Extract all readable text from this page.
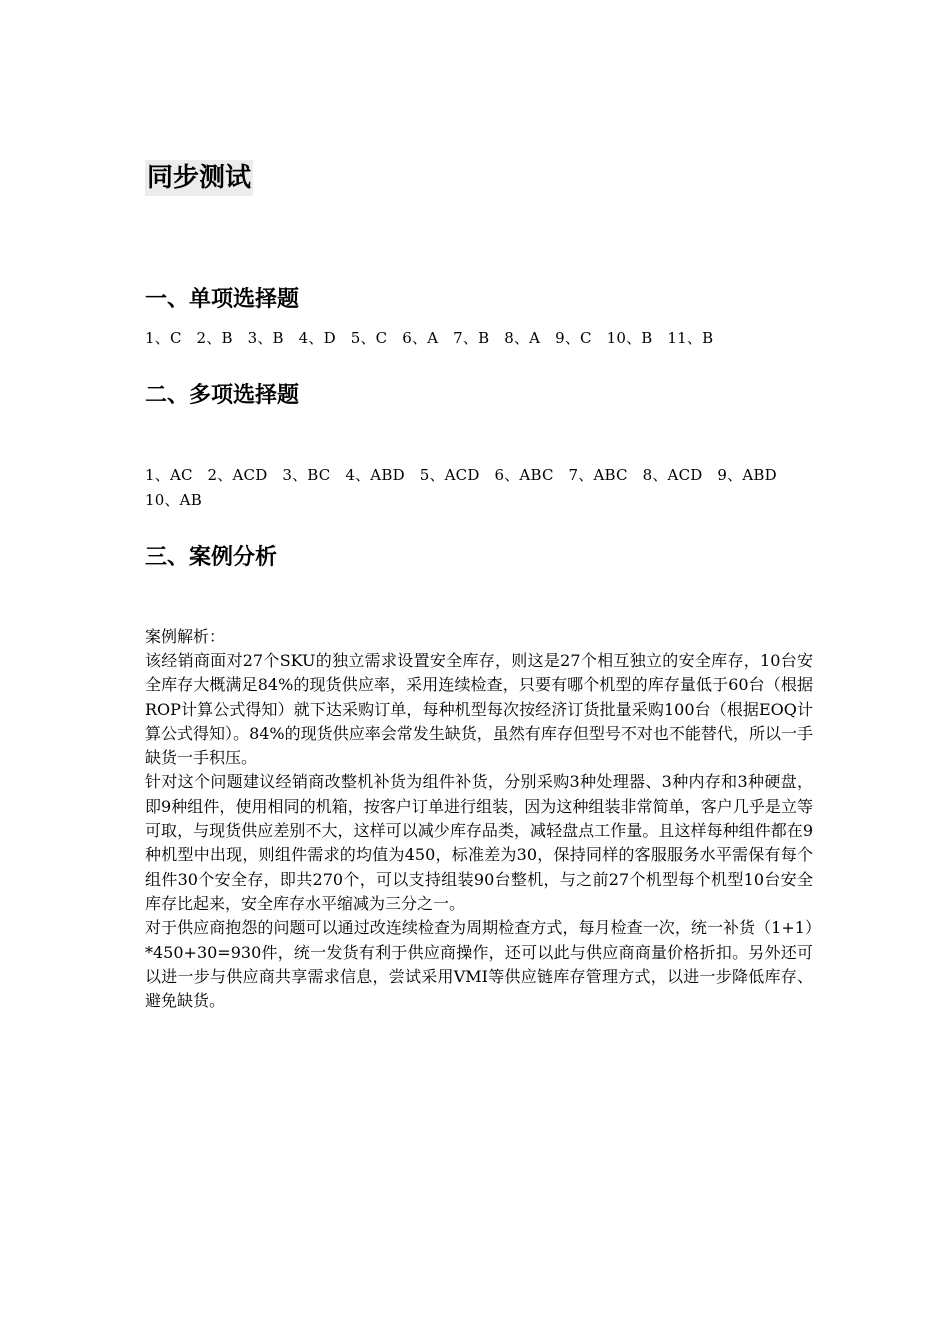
同步测试
一、单项选择题
1、C   2、B   3、B   4、D   5、C   6、A   7、B   8、A   9、C   10、B   11、B
二、多项选择题
1、AC   2、ACD   3、BC   4、ABD   5、ACD   6、ABC   7、ABC   8、ACD   9、ABD
10、AB
三、案例分析
案例解析：

该经销商面对27个SKU的独立需求设置安全库存，则这是27个相互独立的安全库存，10台安全库存大概满足84%的现货供应率，采用连续检查，只要有哪个机型的库存量低于60台（根据ROP计算公式得知）就下达采购订单，每种机型每次按经济订货批量采购100台（根据EOQ计算公式得知）。84%的现货供应率会常发生缺货，虽然有库存但型号不对也不能替代，所以一手缺货一手积压。

针对这个问题建议经销商改整机补货为组件补货，分别采购3种处理器、3种内存和3种硬盘，即9种组件，使用相同的机箱，按客户订单进行组装，因为这种组装非常简单，客户几乎是立等可取，与现货供应差别不大，这样可以减少库存品类，减轻盘点工作量。且这样每种组件都在9种机型中出现，则组件需求的均值为450，标准差为30，保持同样的客服服务水平需保有每个组件30个安全存，即共270个，可以支持组装90台整机，与之前27个机型每个机型10台安全库存比起来，安全库存水平缩减为三分之一。

对于供应商抱怨的问题可以通过改连续检查为周期检查方式，每月检查一次，统一补货（1+1）*450+30=930件，统一发货有利于供应商操作，还可以此与供应商商量价格折扣。另外还可以进一步与供应商共享需求信息，尝试采用VMI等供应链库存管理方式，以进一步降低库存、避免缺货。
